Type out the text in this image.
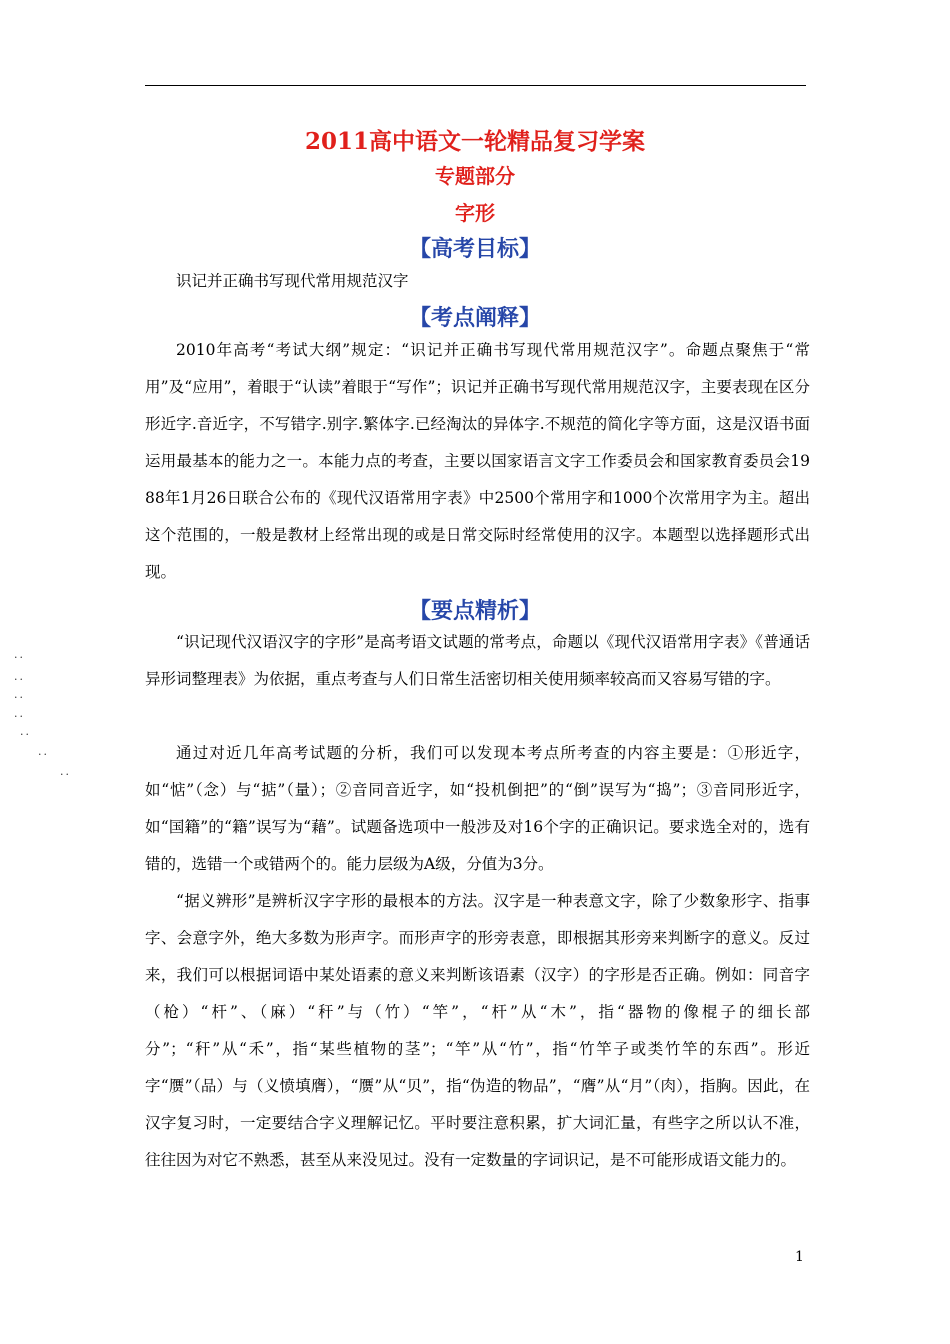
2011高中语文一轮精品复习学案
专题部分
字形
【高考目标】

识记并正确书写现代常用规范汉字

【考点阐释】

2010年高考“考试大纲”规定：“识记并正确书写现代常用规范汉字”。命题点聚焦于“常用”及“应用”，着眼于“认读”着眼于“写作”；识记并正确书写现代常用规范汉字，主要表现在区分形近字.音近字，不写错字.别字.繁体字.已经淘汰的异体字.不规范的简化字等方面，这是汉语书面运用最基本的能力之一。本能力点的考查，主要以国家语言文字工作委员会和国家教育委员会1988年1月26日联合公布的《现代汉语常用字表》中2500个常用字和1000个次常用字为主。超出这个范围的，一般是教材上经常出现的或是日常交际时经常使用的汉字。本题型以选择题形式出现。

【要点精析】

“识记现代汉语汉字的字形”是高考语文试题的常考点，命题以《现代汉语常用字表》《普通话异形词整理表》为依据，重点考查与人们日常生活密切相关使用频率较高而又容易写错的字。

通过对近几年高考试题的分析，我们可以发现本考点所考查的内容主要是：①形近字，如“惦”（念）与“掂”（量）；②音同音近字，如“投机倒把”的“倒”误写为“捣”；③音同形近字，如“国籍”的“籍”误写为“藉”。试题备选项中一般涉及对16个字的正确识记。要求选全对的，选有错的，选错一个或错两个的。能力层级为A级，分值为3分。

“据义辨形”是辨析汉字字形的最根本的方法。汉字是一种表意文字，除了少数象形字、指事字、会意字外，绝大多数为形声字。而形声字的形旁表意，即根据其形旁来判断字的意义。反过来，我们可以根据词语中某处语素的意义来判断该语素（汉字）的字形是否正确。例如：同音字（枪）“杆”、（麻）“秆”与（竹）“竿”，“杆”从“木”，指“器物的像棍子的细长部分”；“秆”从“禾”，指“某些植物的茎”；“竿”从“竹”，指“竹竿子或类竹竿的东西”。形近字“赝”（品）与（义愤填膺），“赝”从“贝”，指“伪造的物品”，“膺”从“月”（肉），指胸。因此，在汉字复习时，一定要结合字义理解记忆。平时要注意积累，扩大词汇量，有些字之所以认不准，往往因为对它不熟悉，甚至从来没见过。没有一定数量的字词识记，是不可能形成语文能力的。

··
··
··
··
··
··
··
1
